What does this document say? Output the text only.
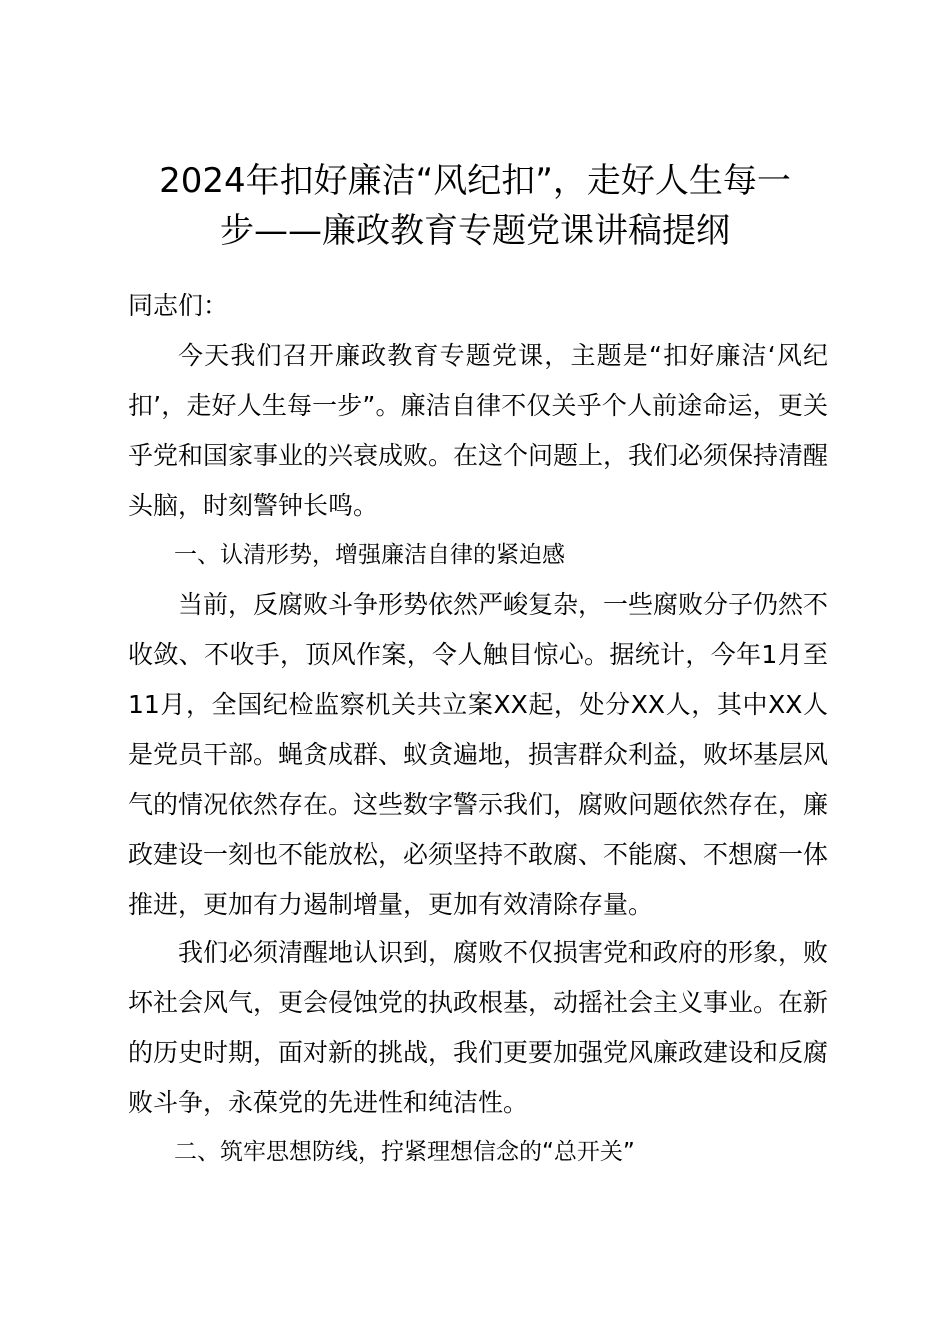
2024年扣好廉洁“风纪扣”，走好人生每一
步——廉政教育专题党课讲稿提纲
同志们：
今天我们召开廉政教育专题党课，主题是“扣好廉洁‘风纪扣’，走好人生每一步”。廉洁自律不仅关乎个人前途命运，更关乎党和国家事业的兴衰成败。在这个问题上，我们必须保持清醒头脑，时刻警钟长鸣。
一、认清形势，增强廉洁自律的紧迫感
当前，反腐败斗争形势依然严峻复杂，一些腐败分子仍然不收敛、不收手，顶风作案，令人触目惊心。据统计，今年1月至11月，全国纪检监察机关共立案XX起，处分XX人，其中XX人是党员干部。蝇贪成群、蚁贪遍地，损害群众利益，败坏基层风气的情况依然存在。这些数字警示我们，腐败问题依然存在，廉政建设一刻也不能放松，必须坚持不敢腐、不能腐、不想腐一体推进，更加有力遏制增量，更加有效清除存量。
我们必须清醒地认识到，腐败不仅损害党和政府的形象，败坏社会风气，更会侵蚀党的执政根基，动摇社会主义事业。在新的历史时期，面对新的挑战，我们更要加强党风廉政建设和反腐败斗争，永葆党的先进性和纯洁性。
二、筑牢思想防线，拧紧理想信念的“总开关”
